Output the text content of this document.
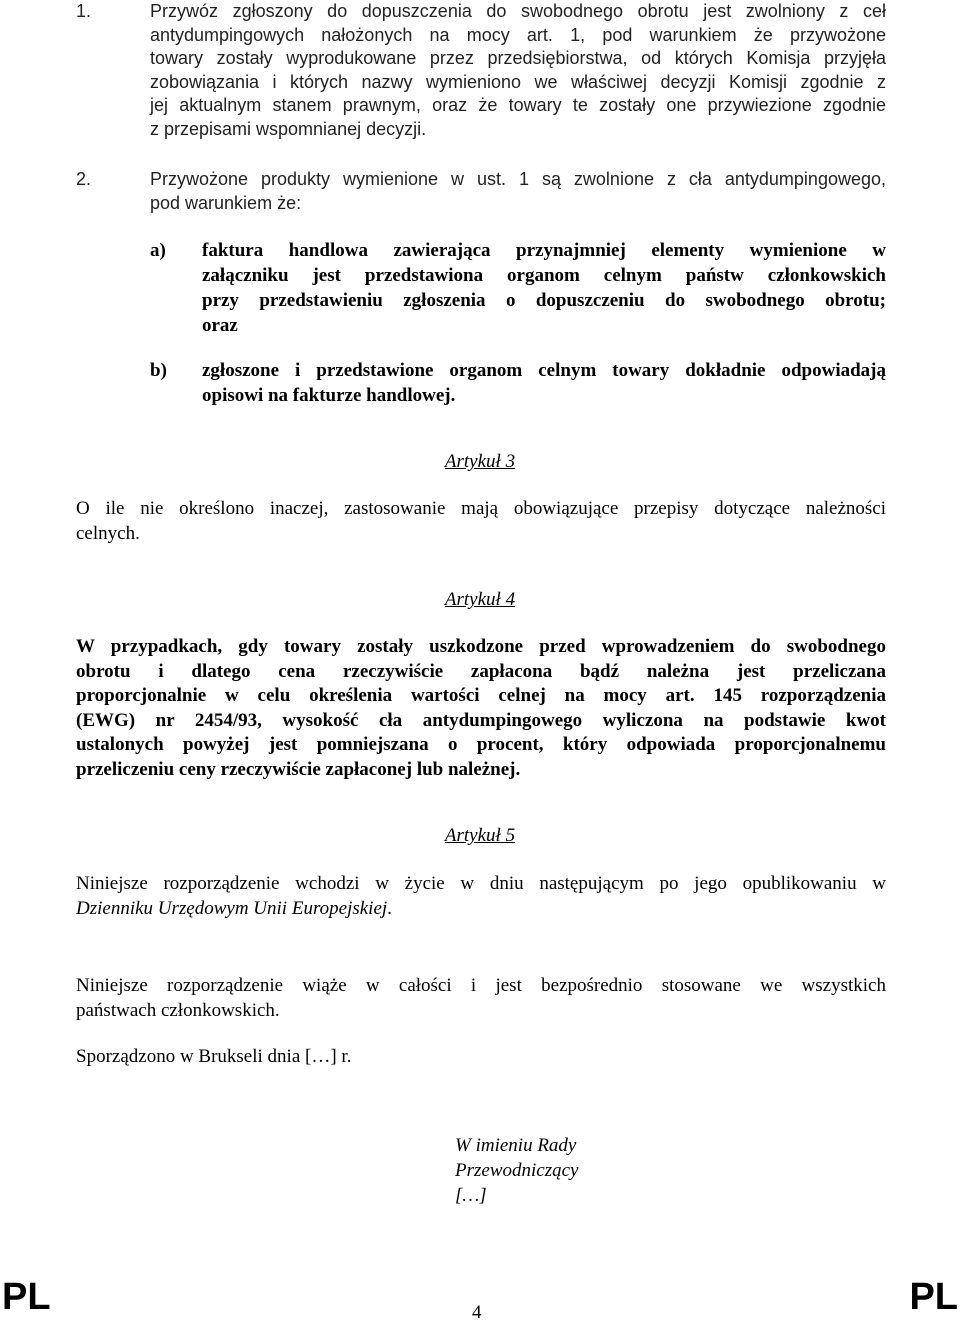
1.	Przywóz zgłoszony do dopuszczenia do swobodnego obrotu jest zwolniony z ceł
antydumpingowych nałożonych na mocy art. 1, pod warunkiem że przywożone
towary zostały wyprodukowane przez przedsiębiorstwa, od których Komisja przyjęła
zobowiązania i których nazwy wymieniono we właściwej decyzji Komisji zgodnie z
jej aktualnym stanem prawnym, oraz że towary te zostały one przywiezione zgodnie
z przepisami wspomnianej decyzji.
2.	Przywożone produkty wymienione w ust. 1 są zwolnione z cła antydumpingowego,
pod warunkiem że:
a) faktura handlowa zawierająca przynajmniej elementy wymienione w
załączniku jest przedstawiona organom celnym państw członkowskich
przy przedstawieniu zgłoszenia o dopuszczeniu do swobodnego obrotu;
oraz
b) zgłoszone i przedstawione organom celnym towary dokładnie odpowiadają
opisowi na fakturze handlowej.
Artykuł 3
O ile nie określono inaczej, zastosowanie mają obowiązujące przepisy dotyczące należności
celnych.
Artykuł 4
W przypadkach, gdy towary zostały uszkodzone przed wprowadzeniem do swobodnego
obrotu i dlatego cena rzeczywiście zapłacona bądź należna jest przeliczana
proporcjonalnie w celu określenia wartości celnej na mocy art. 145 rozporządzenia
(EWG) nr 2454/93, wysokość cła antydumpingowego wyliczona na podstawie kwot
ustalonych powyżej jest pomniejszana o procent, który odpowiada proporcjonalnemu
przeliczeniu ceny rzeczywiście zapłaconej lub należnej.
Artykuł 5
Niniejsze rozporządzenie wchodzi w życie w dniu następującym po jego opublikowaniu w
Dzienniku Urzędowym Unii Europejskiej.
Niniejsze rozporządzenie wiąże w całości i jest bezpośrednio stosowane we wszystkich
państwach członkowskich.
Sporządzono w Brukseli dnia […] r.
W imieniu Rady
Przewodniczący
[…]
PL	4	PL
